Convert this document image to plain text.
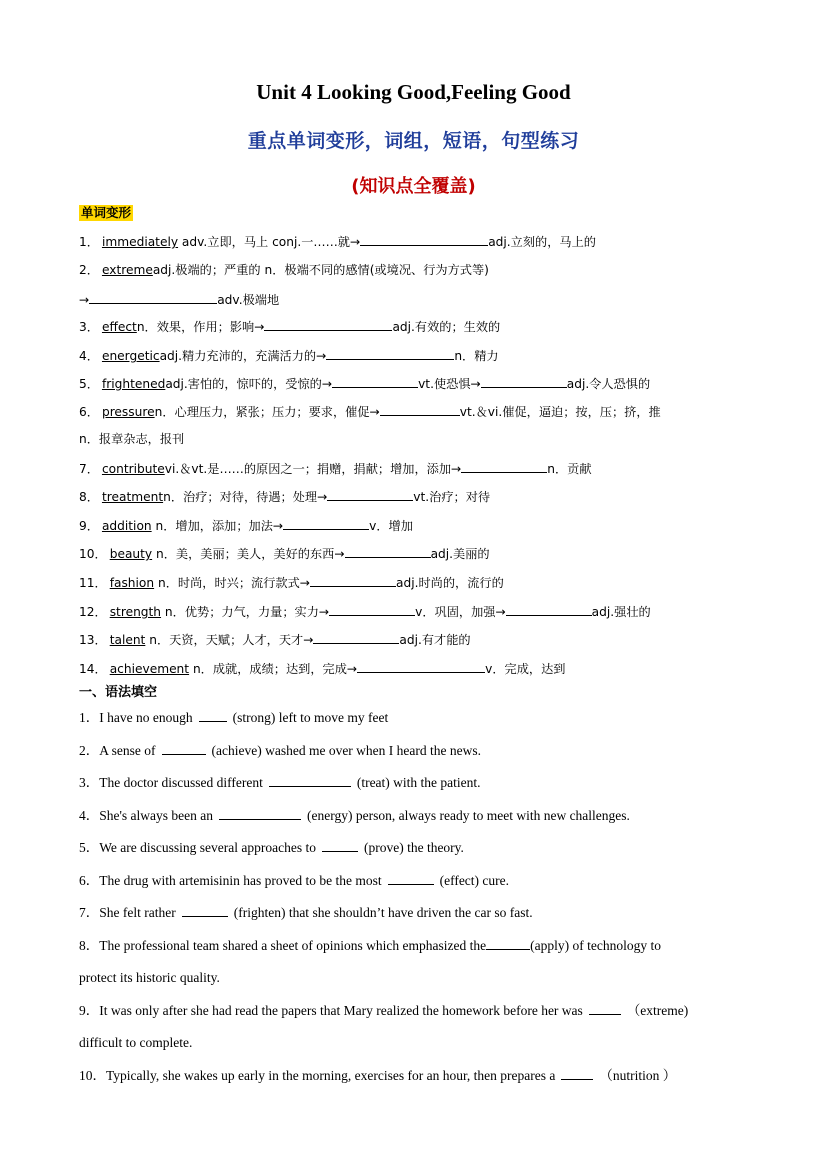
Unit 4 Looking Good,Feeling Good
重点单词变形，词组，短语，句型练习
(知识点全覆盖)
单词变形
1． immediately adv.立即，马上 conj.一……就→	adj.立刻的，马上的
2． extremeadj.极端的；严重的 n．极端不同的感情(或境况、行为方式等)
→	adv.极端地
3． effectn．效果，作用；影响→	adj.有效的；生效的
4． energeticadj.精力充沛的，充满活力的→	n．精力
5． frightenedadj.害怕的，惊吓的，受惊的→	vt.使恐惧→	adj.令人恐惧的
6． pressuren．心理压力，紧张；压力；要求，催促→	vt.＆vi.催促，逼迫；按，压；挤，推
n．报章杂志，报刊
7． contributevi.＆vt.是……的原因之一；捐赠，捐献；增加，添加→	n．贡献
8． treatmentn．治疗；对待，待遇；处理→	vt.治疗；对待
9． addition n．增加，添加；加法→	v．增加
10． beauty n．美，美丽；美人，美好的东西→	adj.美丽的
11． fashion n．时尚，时兴；流行款式→	adj.时尚的，流行的
12． strength n．优势；力气，力量；实力→	v．巩固，加强→	adj.强壮的
13． talent n．天资，天赋；人才，天才→	adj.有才能的
14． achievement n．成就，成绩；达到，完成→	v．完成，达到
一、语法填空
1．I have no enough	(strong) left to move my feet
2．A sense of	(achieve) washed me over when I heard the news.
3．The doctor discussed different	(treat) with the patient.
4．She's always been an	(energy) person, always ready to meet with new challenges.
5．We are discussing several approaches to	(prove) the theory.
6．The drug with artemisinin has proved to be the most	(effect) cure.
7．She felt rather	(frighten) that she shouldn’t have driven the car so fast.
8．The professional team shared a sheet of opinions which emphasized the	(apply) of technology to
protect its historic quality.
9．It was only after she had read the papers that Mary realized the homework before her was	（extreme)
difficult to complete.
10．Typically, she wakes up early in the morning, exercises for an hour, then prepares a	（nutrition ）
